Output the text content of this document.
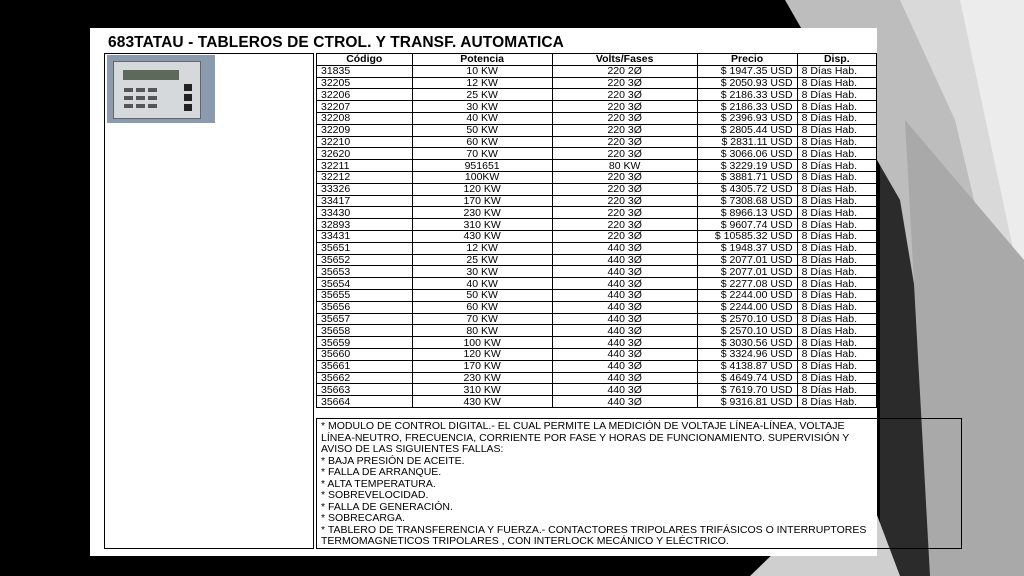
683TATAU - TABLEROS DE CTROL. Y TRANSF. AUTOMATICA
Código	Potencia	Volts/Fases	Precio	Disp.
31835	10 KW	220 2Ø	$ 1947.35 USD	8 Días Hab.
32205	12 KW	220 3Ø	$ 2050.93 USD	8 Días Hab.
32206	25 KW	220 3Ø	$ 2186.33 USD	8 Días Hab.
32207	30 KW	220 3Ø	$ 2186.33 USD	8 Días Hab.
32208	40 KW	220 3Ø	$ 2396.93 USD	8 Días Hab.
32209	50 KW	220 3Ø	$ 2805.44 USD	8 Días Hab.
32210	60 KW	220 3Ø	$ 2831.11 USD	8 Días Hab.
32620	70 KW	220 3Ø	$ 3066.06 USD	8 Días Hab.
32211	951651	80 KW	$ 3229.19 USD	8 Días Hab.
32212	100KW	220 3Ø	$ 3881.71 USD	8 Días Hab.
33326	120 KW	220 3Ø	$ 4305.72 USD	8 Días Hab.
33417	170 KW	220 3Ø	$ 7308.68 USD	8 Días Hab.
33430	230 KW	220 3Ø	$ 8966.13 USD	8 Días Hab.
32893	310 KW	220 3Ø	$ 9607.74 USD	8 Días Hab.
33431	430 KW	220 3Ø	$ 10585.32 USD	8 Días Hab.
35651	12 KW	440 3Ø	$ 1948.37 USD	8 Días Hab.
35652	25 KW	440 3Ø	$ 2077.01 USD	8 Días Hab.
35653	30 KW	440 3Ø	$ 2077.01 USD	8 Días Hab.
35654	40 KW	440 3Ø	$ 2277.08 USD	8 Días Hab.
35655	50 KW	440 3Ø	$ 2244.00 USD	8 Días Hab.
35656	60 KW	440 3Ø	$ 2244.00 USD	8 Días Hab.
35657	70 KW	440 3Ø	$ 2570.10 USD	8 Días Hab.
35658	80 KW	440 3Ø	$ 2570.10 USD	8 Días Hab.
35659	100 KW	440 3Ø	$ 3030.56 USD	8 Días Hab.
35660	120 KW	440 3Ø	$ 3324.96 USD	8 Días Hab.
35661	170 KW	440 3Ø	$ 4138.87 USD	8 Días Hab.
35662	230 KW	440 3Ø	$ 4649.74 USD	8 Días Hab.
35663	310 KW	440 3Ø	$ 7619.70 USD	8 Días Hab.
35664	430 KW	440 3Ø	$ 9316.81 USD	8 Días Hab.
* MODULO DE CONTROL DIGITAL.- EL CUAL PERMITE LA MEDICIÓN DE VOLTAJE LÍNEA-LÍNEA, VOLTAJE
LÍNEA-NEUTRO, FRECUENCIA, CORRIENTE POR FASE Y HORAS DE FUNCIONAMIENTO. SUPERVISIÓN Y
AVISO DE LAS SIGUIENTES FALLAS:
* BAJA PRESIÓN DE ACEITE.
* FALLA DE ARRANQUE.
* ALTA TEMPERATURA.
* SOBREVELOCIDAD.
* FALLA DE GENERACIÓN.
* SOBRECARGA.
* TABLERO DE TRANSFERENCIA Y FUERZA.- CONTACTORES TRIPOLARES TRIFÁSICOS O INTERRUPTORES
TERMOMAGNETICOS TRIPOLARES , CON INTERLOCK MECÁNICO Y ELÉCTRICO.
